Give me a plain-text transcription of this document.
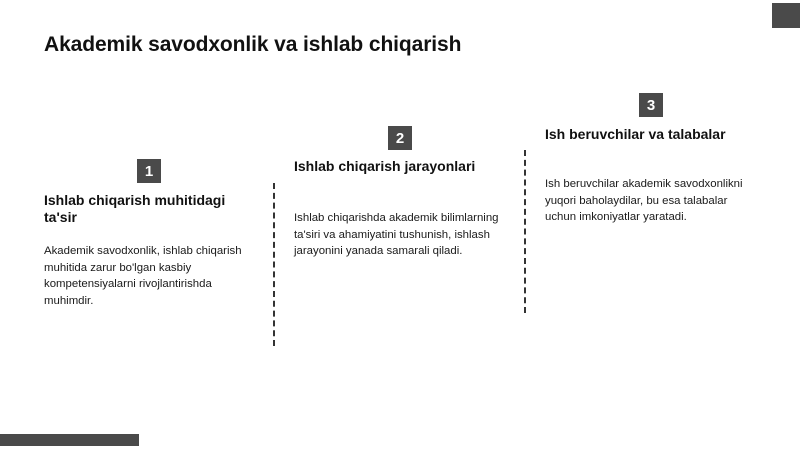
Akademik savodxonlik va ishlab chiqarish
1
Ishlab chiqarish muhitidagi ta'sir
Akademik savodxonlik, ishlab chiqarish muhitida zarur bo'lgan kasbiy kompetensiyalarni rivojlantirishda muhimdir.
2
Ishlab chiqarish jarayonlari
Ishlab chiqarishda akademik bilimlarning ta'siri va ahamiyatini tushunish, ishlash jarayonini yanada samarali qiladi.
3
Ish beruvchilar va talabalar
Ish beruvchilar akademik savodxonlikni yuqori baholaydilar, bu esa talabalar uchun imkoniyatlar yaratadi.
